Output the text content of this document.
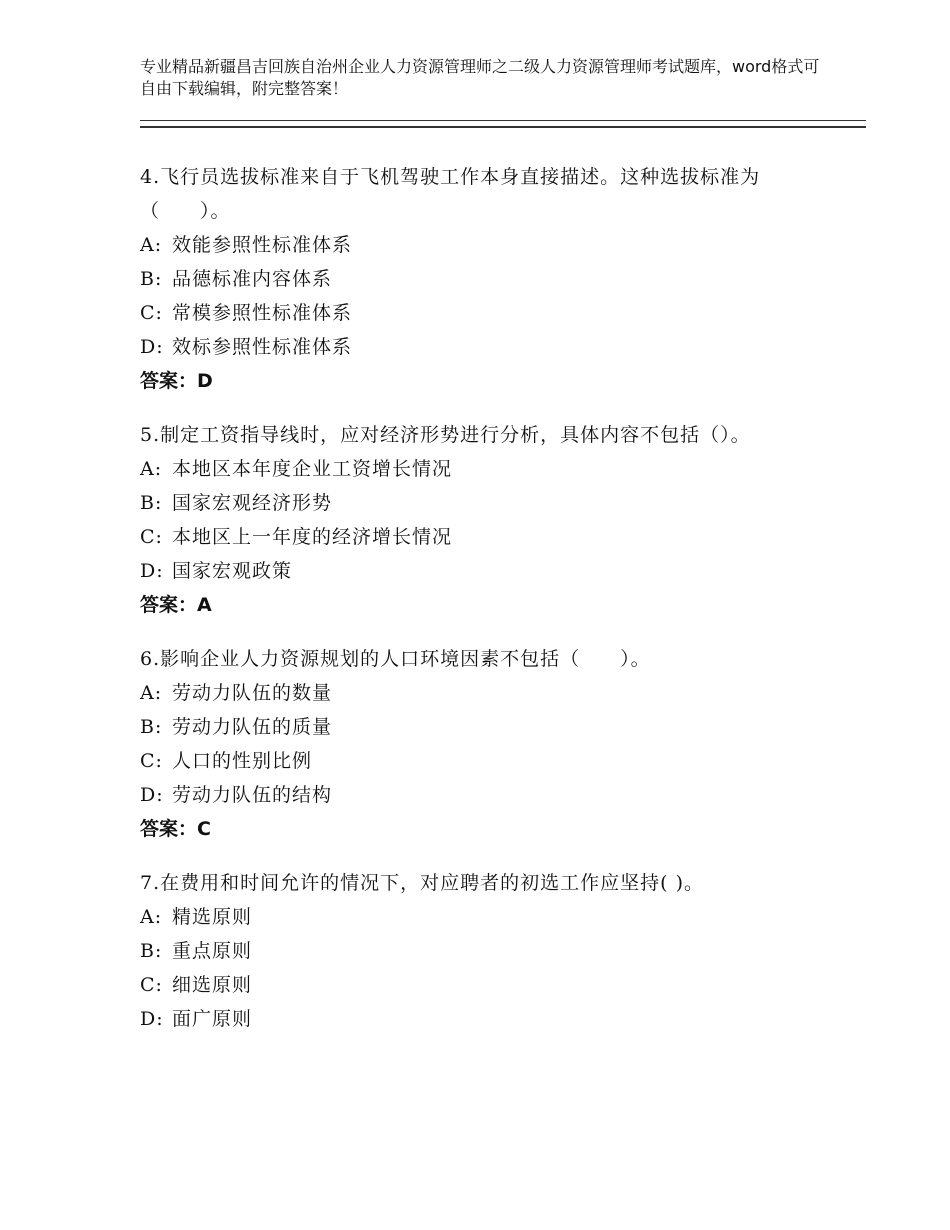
专业精品新疆昌吉回族自治州企业人力资源管理师之二级人力资源管理师考试题库，word格式可自由下载编辑，附完整答案！

4.飞行员选拔标准来自于飞机驾驶工作本身直接描述。这种选拔标准为（　　）。

A: 效能参照性标准体系

B: 品德标准内容体系

C: 常模参照性标准体系

D: 效标参照性标准体系

答案：D

5.制定工资指导线时，应对经济形势进行分析，具体内容不包括（）。

A: 本地区本年度企业工资增长情况

B: 国家宏观经济形势

C: 本地区上一年度的经济增长情况

D: 国家宏观政策

答案：A

6.影响企业人力资源规划的人口环境因素不包括（　　）。

A: 劳动力队伍的数量

B: 劳动力队伍的质量

C: 人口的性别比例

D: 劳动力队伍的结构

答案：C

7.在费用和时间允许的情况下，对应聘者的初选工作应坚持( )。

A: 精选原则

B: 重点原则

C: 细选原则

D: 面广原则
